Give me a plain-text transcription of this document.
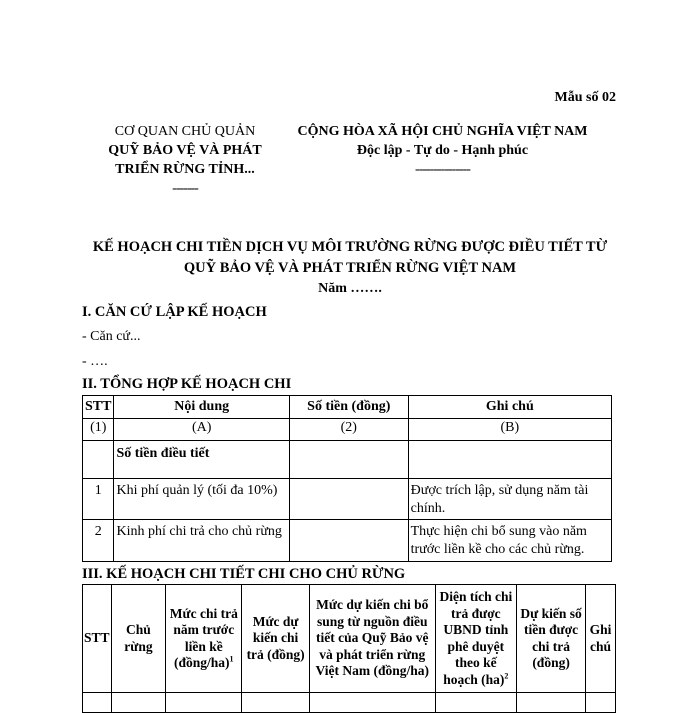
Mẫu số 02
CƠ QUAN CHỦ QUẢN
QUỸ BẢO VỆ VÀ PHÁT
TRIỂN RỪNG TỈNH...
-------
CỘNG HÒA XÃ HỘI CHỦ NGHĨA VIỆT NAM
Độc lập - Tự do - Hạnh phúc
---------------
KẾ HOẠCH CHI TIỀN DỊCH VỤ MÔI TRƯỜNG RỪNG ĐƯỢC ĐIỀU TIẾT TỪ
QUỸ BẢO VỆ VÀ PHÁT TRIỂN RỪNG VIỆT NAM
Năm …….
I. CĂN CỨ LẬP KẾ HOẠCH
- Căn cứ...
- ….
II. TỔNG HỢP KẾ HOẠCH CHI
STT	Nội dung	Số tiền (đồng)	Ghi chú
(1)	(A)	(2)	(B)
	Số tiền điều tiết		
1	Khi phí quản lý (tối đa 10%)		Được trích lập, sử dụng năm tài chính.
2	Kinh phí chi trả cho chủ rừng		Thực hiện chi bổ sung vào năm trước liền kề cho các chủ rừng.
III. KẾ HOẠCH CHI TIẾT CHI CHO CHỦ RỪNG
STT	Chủ rừng	Mức chi trả năm trước liền kề (đồng/ha)$^1$	Mức dự kiến chi trả (đồng)	Mức dự kiến chi bổ sung từ nguồn điều tiết của Quỹ Bảo vệ và phát triển rừng Việt Nam (đồng/ha)	Diện tích chi trả được UBND tỉnh phê duyệt theo kế hoạch (ha)$^2$	Dự kiến số tiền được chi trả (đồng)	Ghi chú
